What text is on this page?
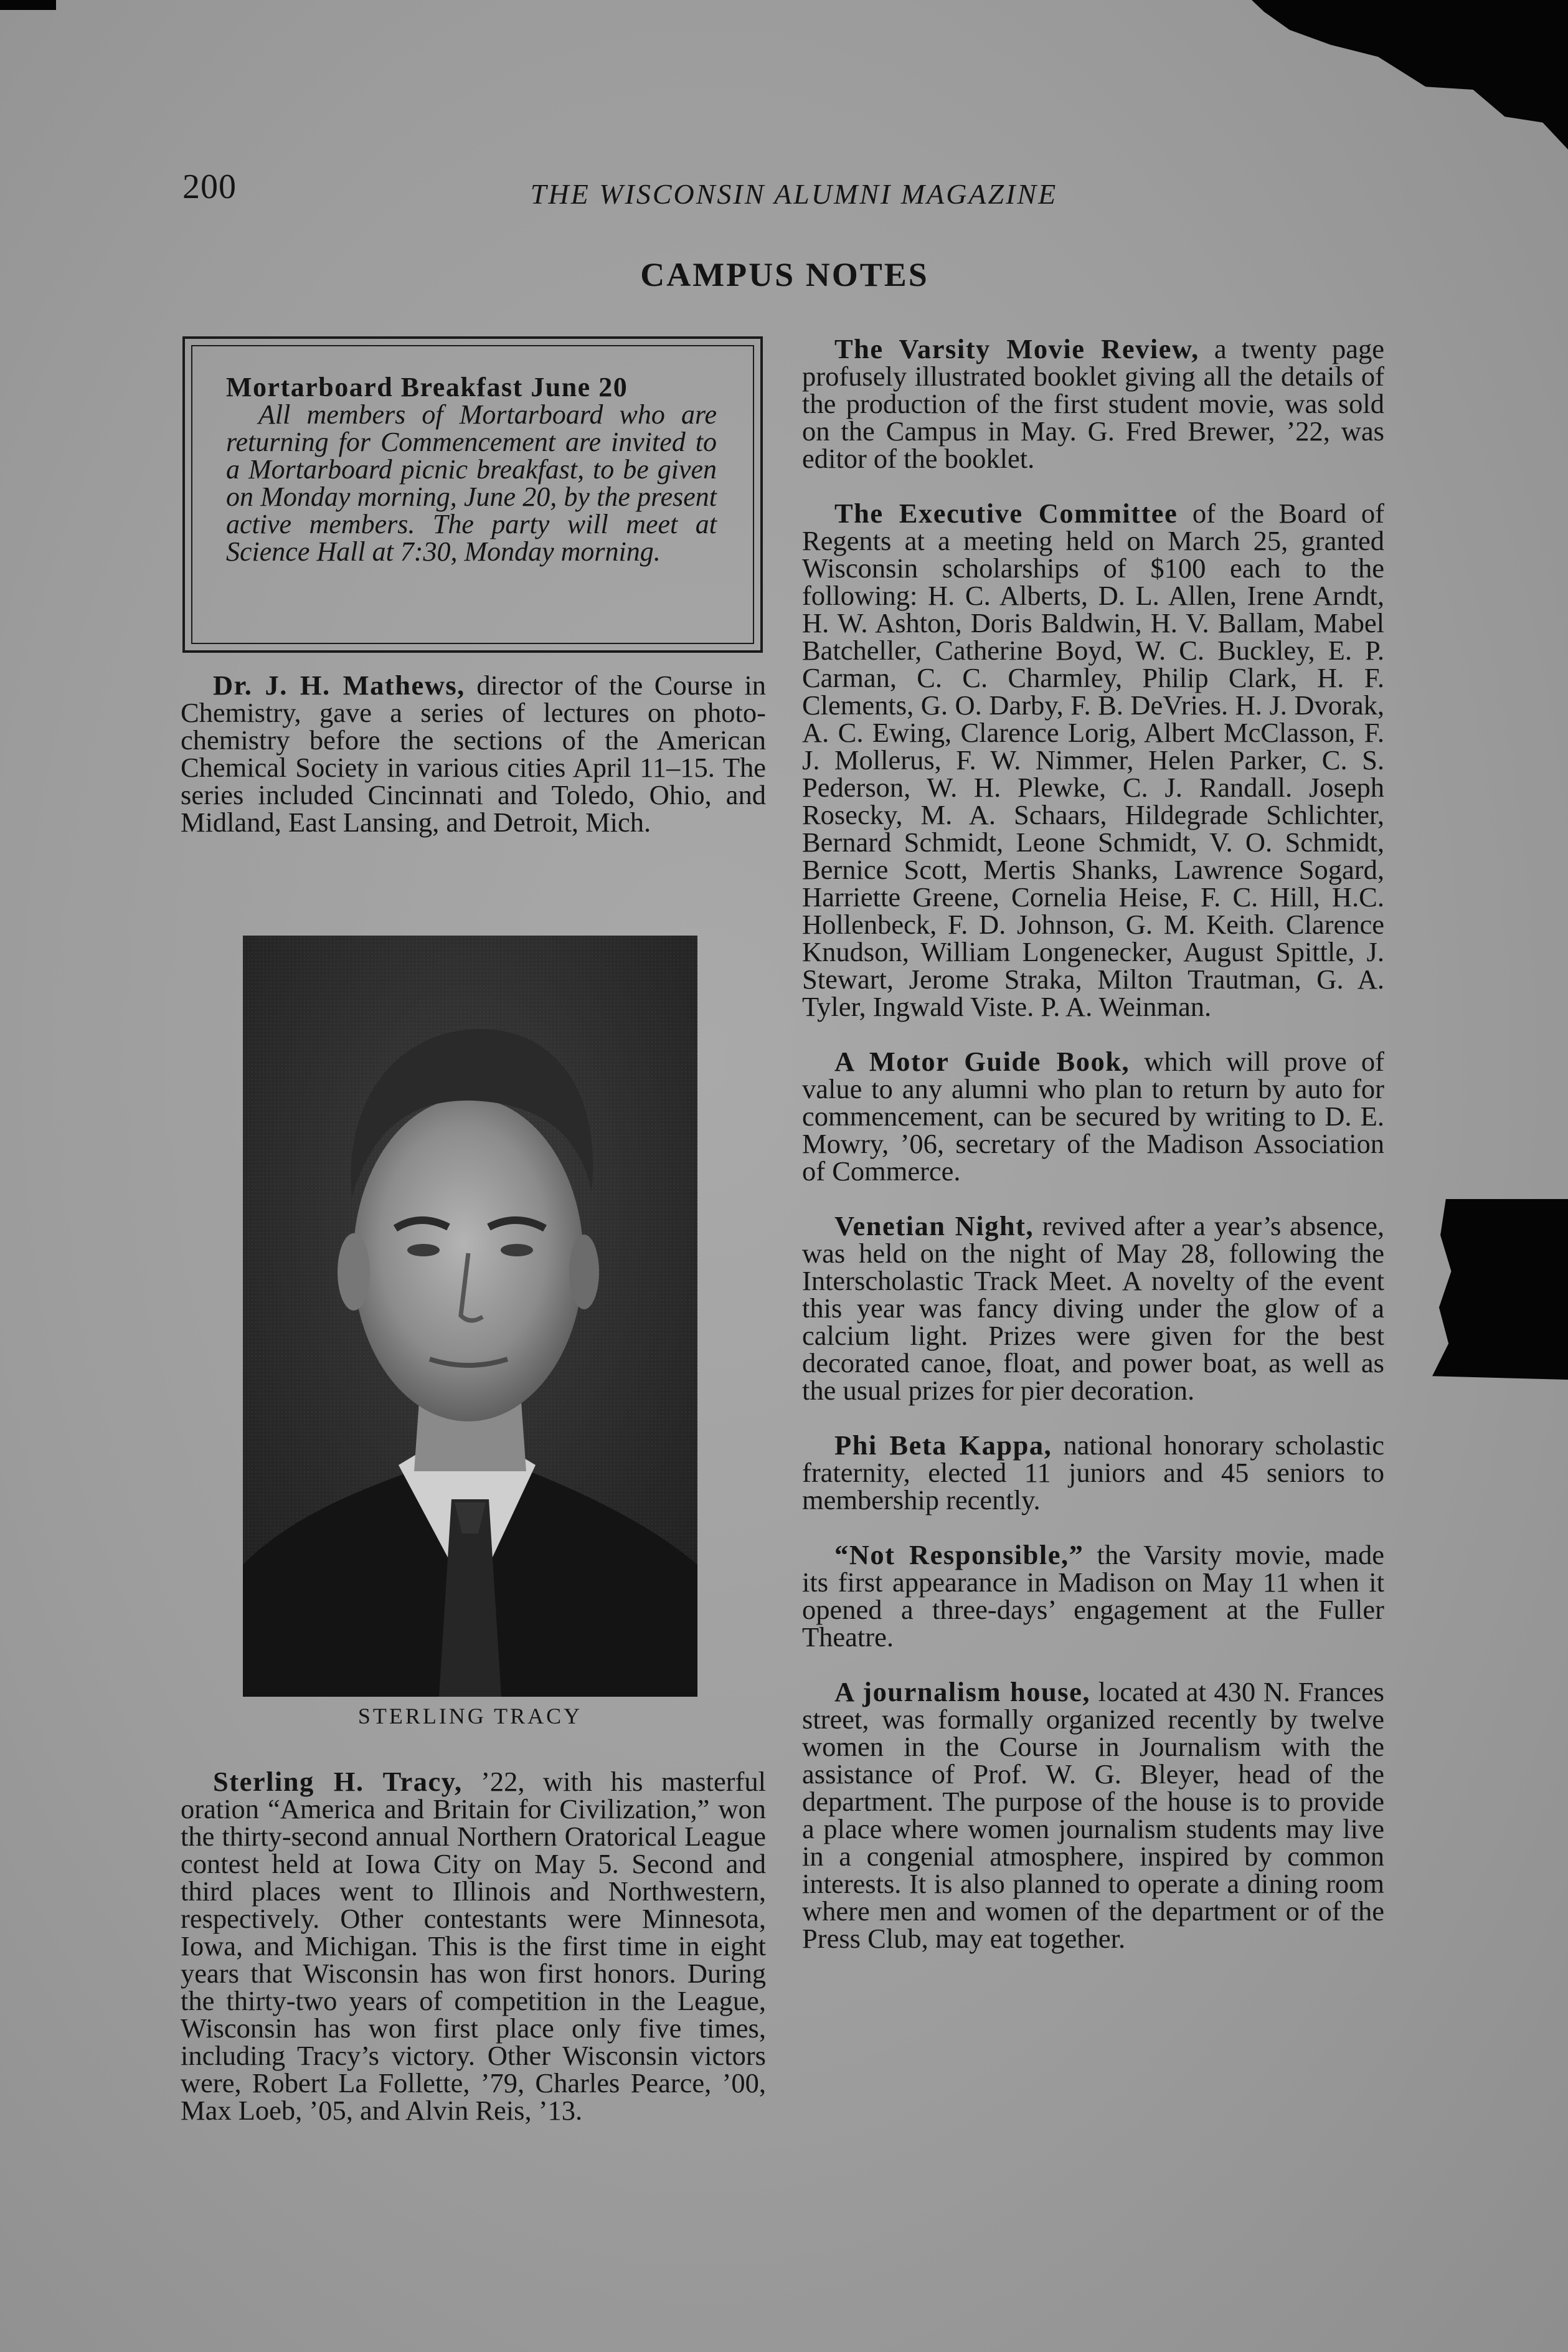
200	THE WISCONSIN ALUMNI MAGAZINE
CAMPUS NOTES
Mortarboard Breakfast June 20

All members of Mortarboard who are returning for Commencement are invited to a Mortarboard picnic breakfast, to be given on Monday morning, June 20, by the present active members. The party will meet at Science Hall at 7:30, Monday morning.

Dr. J. H. Mathews, director of the Course in Chemistry, gave a series of lectures on photo-chemistry before the sections of the American Chemical Society in various cities April 11–15. The series included Cincinnati and Toledo, Ohio, and Midland, East Lansing, and Detroit, Mich.

STERLING TRACY

Sterling H. Tracy, ’22, with his masterful oration “America and Britain for Civilization,” won the thirty-second annual Northern Oratorical League contest held at Iowa City on May 5. Second and third places went to Illinois and Northwestern, respectively. Other contestants were Minnesota, Iowa, and Michigan. This is the first time in eight years that Wisconsin has won first honors. During the thirty-two years of competition in the League, Wisconsin has won first place only five times, including Tracy’s victory. Other Wisconsin victors were, Robert La Follette, ’79, Charles Pearce, ’00, Max Loeb, ’05, and Alvin Reis, ’13.

The Varsity Movie Review, a twenty page profusely illustrated booklet giving all the details of the production of the first student movie, was sold on the Campus in May. G. Fred Brewer, ’22, was editor of the booklet.

The Executive Committee of the Board of Regents at a meeting held on March 25, granted Wisconsin scholarships of $100 each to the following: H. C. Alberts, D. L. Allen, Irene Arndt, H. W. Ashton, Doris Baldwin, H. V. Ballam, Mabel Batcheller, Catherine Boyd, W. C. Buckley, E. P. Carman, C. C. Charmley, Philip Clark, H. F. Clements, G. O. Darby, F. B. DeVries. H. J. Dvorak, A. C. Ewing, Clarence Lorig, Albert McClasson, F. J. Mollerus, F. W. Nimmer, Helen Parker, C. S. Pederson, W. H. Plewke, C. J. Randall. Joseph Rosecky, M. A. Schaars, Hildegrade Schlichter, Bernard Schmidt, Leone Schmidt, V. O. Schmidt, Bernice Scott, Mertis Shanks, Lawrence Sogard, Harriette Greene, Cornelia Heise, F. C. Hill, H.C. Hollenbeck, F. D. Johnson, G. M. Keith. Clarence Knudson, William Longenecker, August Spittle, J. Stewart, Jerome Straka, Milton Trautman, G. A. Tyler, Ingwald Viste. P. A. Weinman.

A Motor Guide Book, which will prove of value to any alumni who plan to return by auto for commencement, can be secured by writing to D. E. Mowry, ’06, secretary of the Madison Association of Commerce.

Venetian Night, revived after a year’s absence, was held on the night of May 28, following the Interscholastic Track Meet. A novelty of the event this year was fancy diving under the glow of a calcium light. Prizes were given for the best decorated canoe, float, and power boat, as well as the usual prizes for pier decoration.

Phi Beta Kappa, national honorary scholastic fraternity, elected 11 juniors and 45 seniors to membership recently.

“Not Responsible,” the Varsity movie, made its first appearance in Madison on May 11 when it opened a three-days’ engagement at the Fuller Theatre.

A journalism house, located at 430 N. Frances street, was formally organized recently by twelve women in the Course in Journalism with the assistance of Prof. W. G. Bleyer, head of the department. The purpose of the house is to provide a place where women journalism students may live in a congenial atmosphere, inspired by common interests. It is also planned to operate a dining room where men and women of the department or of the Press Club, may eat together.
